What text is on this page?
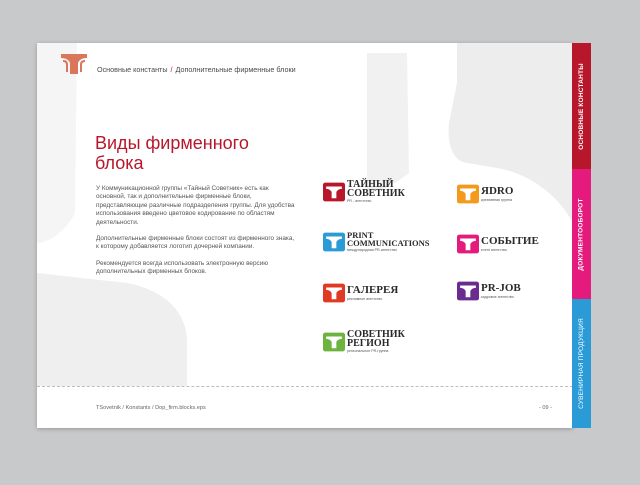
Основные константы / Дополнительные фирменные блоки
Виды фирменного
блока

У Коммуникационной группы «Тайный Советник» есть как основной, так и дополнительные фирменные блоки, представляющие различные подразделения группы. Для удобства использования введено цветовое кодирование по областям деятельности.

Дополнительные фирменные блоки состоят из фирменного знака, к которому добавляется логотип дочерней компании.

Рекомендуется всегда использовать электронную версию дополнительных фирменных блоков.

ТАЙНЫЙ
СОВЕТНИК
PR - агентство
ЯDRO
креативная группа
PRINT
COMMUNICATIONS
международная PR-агентство
СОБЫТИЕ
event агентство
ГАЛЕРЕЯ
рекламное агентство
PR-JOB
кадровое агентство
СОВЕТНИК
РЕГИОН
региональное PR-группа
TSovetnik / Konstants / Dop_firm.blocks.eps	- 09 -
ОСНОВНЫЕ КОНСТАНТЫ
ДОКУМЕНТООБОРОТ
СУВЕНИРНАЯ ПРОДУКЦИЯ
